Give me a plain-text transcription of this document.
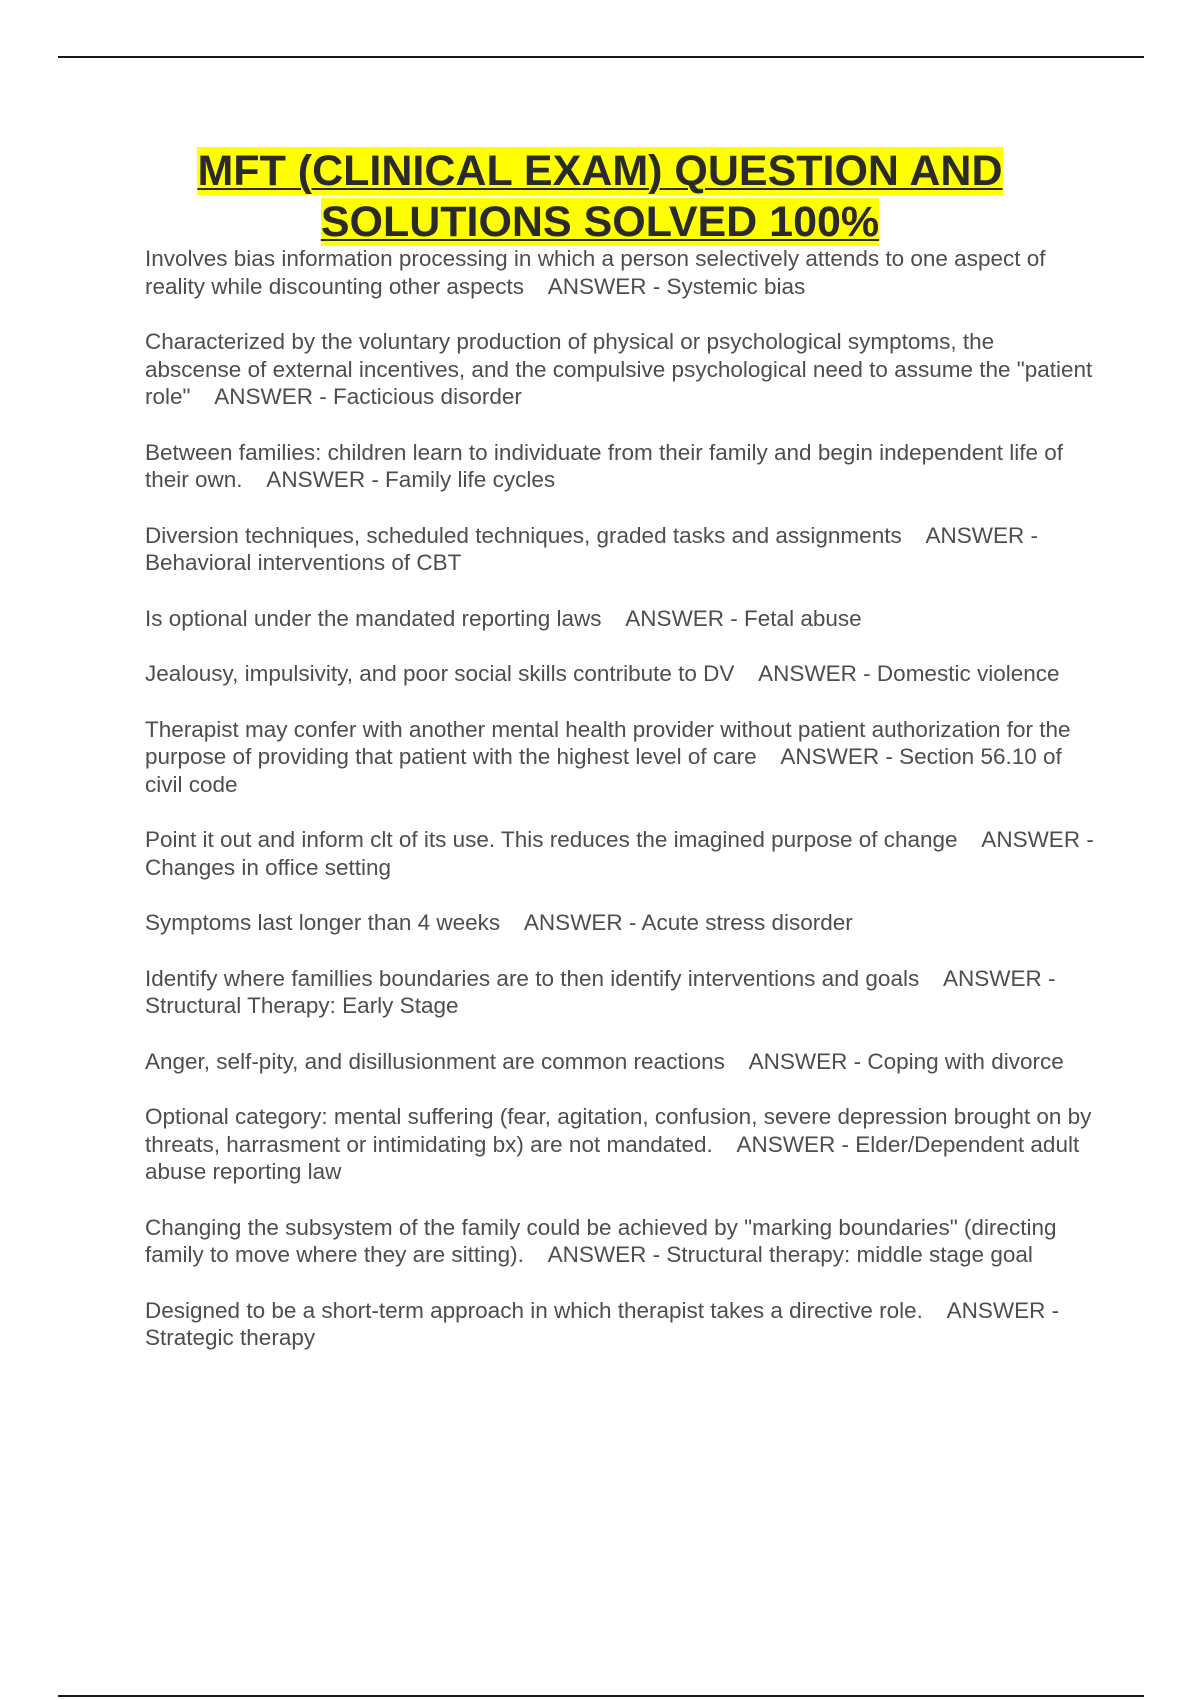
MFT (CLINICAL EXAM) QUESTION AND SOLUTIONS SOLVED 100%

Involves bias information processing in which a person selectively attends to one aspect of reality while discounting other aspects    ANSWER - Systemic bias

Characterized by the voluntary production of physical or psychological symptoms, the abscense of external incentives, and the compulsive psychological need to assume the "patient role"    ANSWER - Facticious disorder

Between families: children learn to individuate from their family and begin independent life of their own.    ANSWER - Family life cycles

Diversion techniques, scheduled techniques, graded tasks and assignments    ANSWER - Behavioral interventions of CBT

Is optional under the mandated reporting laws    ANSWER - Fetal abuse

Jealousy, impulsivity, and poor social skills contribute to DV    ANSWER - Domestic violence

Therapist may confer with another mental health provider without patient authorization for the purpose of providing that patient with the highest level of care    ANSWER - Section 56.10 of civil code

Point it out and inform clt of its use. This reduces the imagined purpose of change    ANSWER - Changes in office setting

Symptoms last longer than 4 weeks    ANSWER - Acute stress disorder

Identify where famillies boundaries are to then identify interventions and goals    ANSWER - Structural Therapy: Early Stage

Anger, self-pity, and disillusionment are common reactions    ANSWER - Coping with divorce

Optional category: mental suffering (fear, agitation, confusion, severe depression brought on by threats, harrasment or intimidating bx) are not mandated.    ANSWER - Elder/Dependent adult abuse reporting law

Changing the subsystem of the family could be achieved by "marking boundaries" (directing family to move where they are sitting).    ANSWER - Structural therapy: middle stage goal

Designed to be a short-term approach in which therapist takes a directive role.    ANSWER - Strategic therapy
